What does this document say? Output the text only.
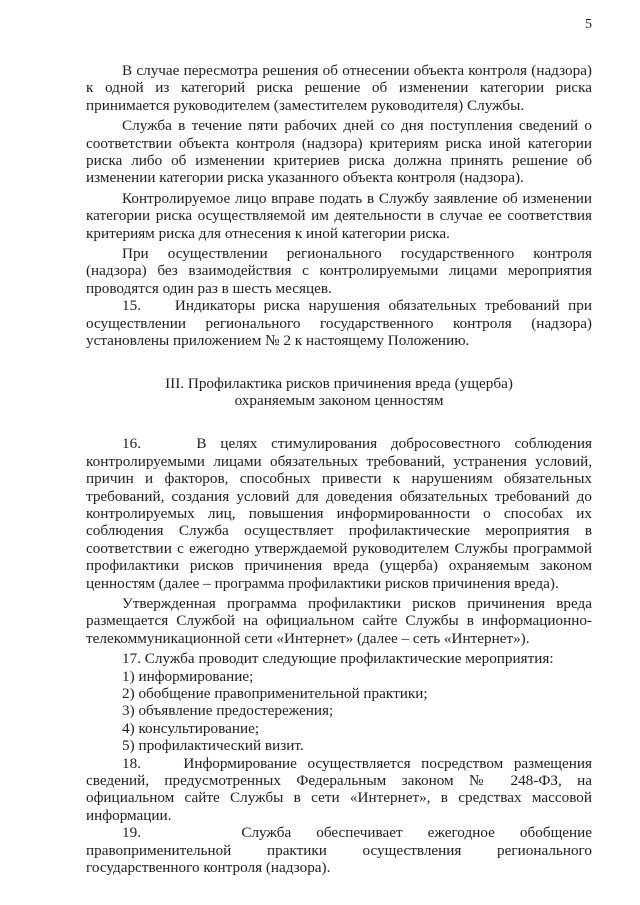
5

В случае пересмотра решения об отнесении объекта контроля (надзора) к одной из категорий риска решение об изменении категории риска принимается руководителем (заместителем руководителя) Службы.

Служба в течение пяти рабочих дней со дня поступления сведений о соответствии объекта контроля (надзора) критериям риска иной категории риска либо об изменении критериев риска должна принять решение об изменении категории риска указанного объекта контроля (надзора).

Контролируемое лицо вправе подать в Службу заявление об изменении категории риска осуществляемой им деятельности в случае ее соответствия критериям риска для отнесения к иной категории риска.

При осуществлении регионального государственного контроля (надзора) без взаимодействия с контролируемыми лицами мероприятия проводятся один раз в шесть месяцев.

15.    Индикаторы риска нарушения обязательных требований при осуществлении регионального государственного контроля (надзора) установлены приложением № 2 к настоящему Положению.

III. Профилактика рисков причинения вреда (ущерба) охраняемым законом ценностям

16.    В целях стимулирования добросовестного соблюдения контролируемыми лицами обязательных требований, устранения условий, причин и факторов, способных привести к нарушениям обязательных требований, создания условий для доведения обязательных требований до контролируемых лиц, повышения информированности о способах их соблюдения Служба осуществляет профилактические мероприятия в соответствии с ежегодно утверждаемой руководителем Службы программой профилактики рисков причинения вреда (ущерба) охраняемым законом ценностям (далее – программа профилактики рисков причинения вреда).

Утвержденная программа профилактики рисков причинения вреда размещается Службой на официальном сайте Службы в информационно-телекоммуникационной сети «Интернет» (далее – сеть «Интернет»).

17. Служба проводит следующие профилактические мероприятия:

1) информирование;

2) обобщение правоприменительной практики;

3) объявление предостережения;

4) консультирование;

5) профилактический визит.

18.    Информирование осуществляется посредством размещения сведений, предусмотренных Федеральным законом № 248-ФЗ, на официальном сайте Службы в сети «Интернет», в средствах массовой информации.

19.    Служба обеспечивает ежегодное обобщение правоприменительной практики осуществления регионального государственного контроля (надзора).
